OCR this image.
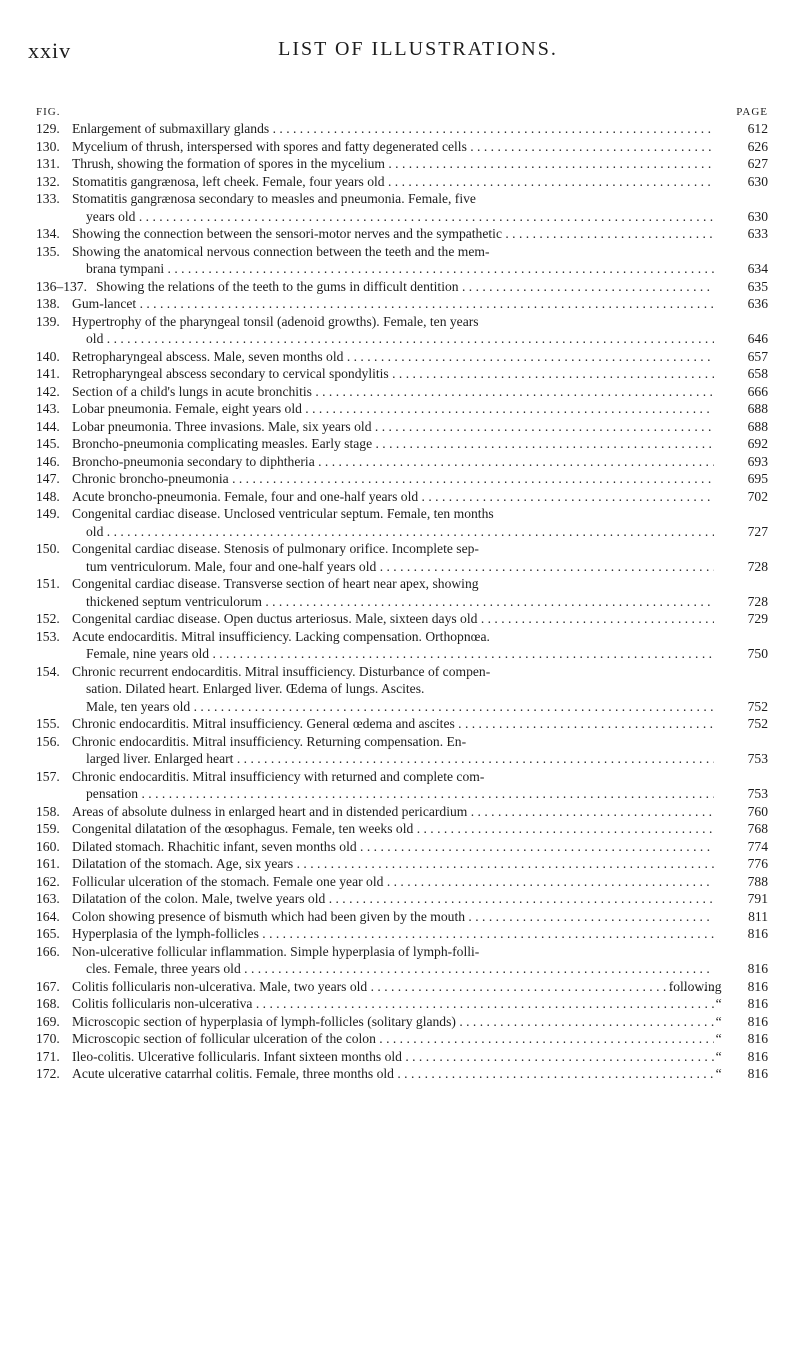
xxiv	LIST OF ILLUSTRATIONS.
FIG.	PAGE
129. Enlargement of submaxillary glands . . .	612
130. Mycelium of thrush, interspersed with spores and fatty degenerated cells . . .	626
131. Thrush, showing the formation of spores in the mycelium . . .	627
132. Stomatitis gangrænosa, left cheek. Female, four years old . . .	630
133. Stomatitis gangrænosa secondary to measles and pneumonia. Female, five
years old . . .	630
134. Showing the connection between the sensori-motor nerves and the sympathetic . . .	633
135. Showing the anatomical nervous connection between the teeth and the mem-
brana tympani . . .	634
136–137. Showing the relations of the teeth to the gums in difficult dentition . . .	635
138. Gum-lancet . . .	636
139. Hypertrophy of the pharyngeal tonsil (adenoid growths). Female, ten years
old . . .	646
140. Retropharyngeal abscess. Male, seven months old . . .	657
141. Retropharyngeal abscess secondary to cervical spondylitis . . .	658
142. Section of a child's lungs in acute bronchitis . . .	666
143. Lobar pneumonia. Female, eight years old . . .	688
144. Lobar pneumonia. Three invasions. Male, six years old . . .	688
145. Broncho-pneumonia complicating measles. Early stage . . .	692
146. Broncho-pneumonia secondary to diphtheria . . .	693
147. Chronic broncho-pneumonia . . .	695
148. Acute broncho-pneumonia. Female, four and one-half years old . . .	702
149. Congenital cardiac disease. Unclosed ventricular septum. Female, ten months
old . . .	727
150. Congenital cardiac disease. Stenosis of pulmonary orifice. Incomplete sep-
tum ventriculorum. Male, four and one-half years old . . .	728
151. Congenital cardiac disease. Transverse section of heart near apex, showing
thickened septum ventriculorum . . .	728
152. Congenital cardiac disease. Open ductus arteriosus. Male, sixteen days old . . .	729
153. Acute endocarditis. Mitral insufficiency. Lacking compensation. Orthopnœa.
Female, nine years old . . .	750
154. Chronic recurrent endocarditis. Mitral insufficiency. Disturbance of compen-
sation. Dilated heart. Enlarged liver. Œdema of lungs. Ascites.
Male, ten years old . . .	752
155. Chronic endocarditis. Mitral insufficiency. General œdema and ascites . . .	752
156. Chronic endocarditis. Mitral insufficiency. Returning compensation. En-
larged liver. Enlarged heart . . .	753
157. Chronic endocarditis. Mitral insufficiency with returned and complete com-
pensation . . .	753
158. Areas of absolute dulness in enlarged heart and in distended pericardium . . .	760
159. Congenital dilatation of the œsophagus. Female, ten weeks old . . .	768
160. Dilated stomach. Rhachitic infant, seven months old . . .	774
161. Dilatation of the stomach. Age, six years . . .	776
162. Follicular ulceration of the stomach. Female one year old . . .	788
163. Dilatation of the colon. Male, twelve years old . . .	791
164. Colon showing presence of bismuth which had been given by the mouth . . .	811
165. Hyperplasia of the lymph-follicles . . .	816
166. Non-ulcerative follicular inflammation. Simple hyperplasia of lymph-folli-
cles. Female, three years old . . .	816
167. Colitis follicularis non-ulcerativa. Male, two years old . . .	following 816
168. Colitis follicularis non-ulcerativa . . .	“ 816
169. Microscopic section of hyperplasia of lymph-follicles (solitary glands) . . .	“ 816
170. Microscopic section of follicular ulceration of the colon . . .	“ 816
171. Ileo-colitis. Ulcerative follicularis. Infant sixteen months old . . .	“ 816
172. Acute ulcerative catarrhal colitis. Female, three months old . . .	“ 816
